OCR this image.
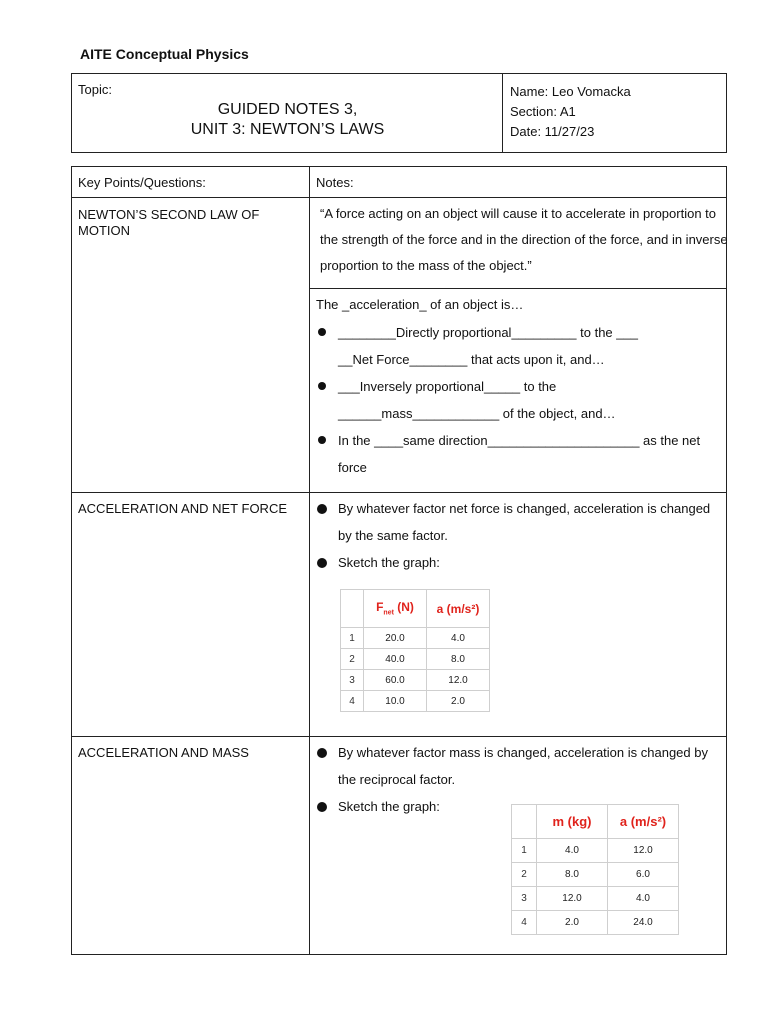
AITE Conceptual Physics
Topic:
GUIDED NOTES 3,
UNIT 3: NEWTON’S LAWS
Name: Leo Vomacka
Section: A1
Date: 11/27/23
Key Points/Questions:	Notes:
NEWTON’S SECOND LAW OF MOTION
“A force acting on an object will cause it to accelerate in proportion to the strength of the force and in the direction of the force, and in inverse proportion to the mass of the object.”
The _acceleration_ of an object is…
________Directly proportional_________ to the ___
__Net Force________ that acts upon it, and…
___Inversely proportional_____ to the
______mass____________ of the object, and…
In the ____same direction_____________________ as the net
force
ACCELERATION AND NET FORCE	By whatever factor net force is changed, acceleration is changed
by the same factor.
Sketch the graph:
	$F_{net}$ (N)	a (m/s²)
1	20.0	4.0
2	40.0	8.0
3	60.0	12.0
4	10.0	2.0
ACCELERATION AND MASS	By whatever factor mass is changed, acceleration is changed by
the reciprocal factor.
Sketch the graph:
	m (kg)	a (m/s²)
1	4.0	12.0
2	8.0	6.0
3	12.0	4.0
4	2.0	24.0
